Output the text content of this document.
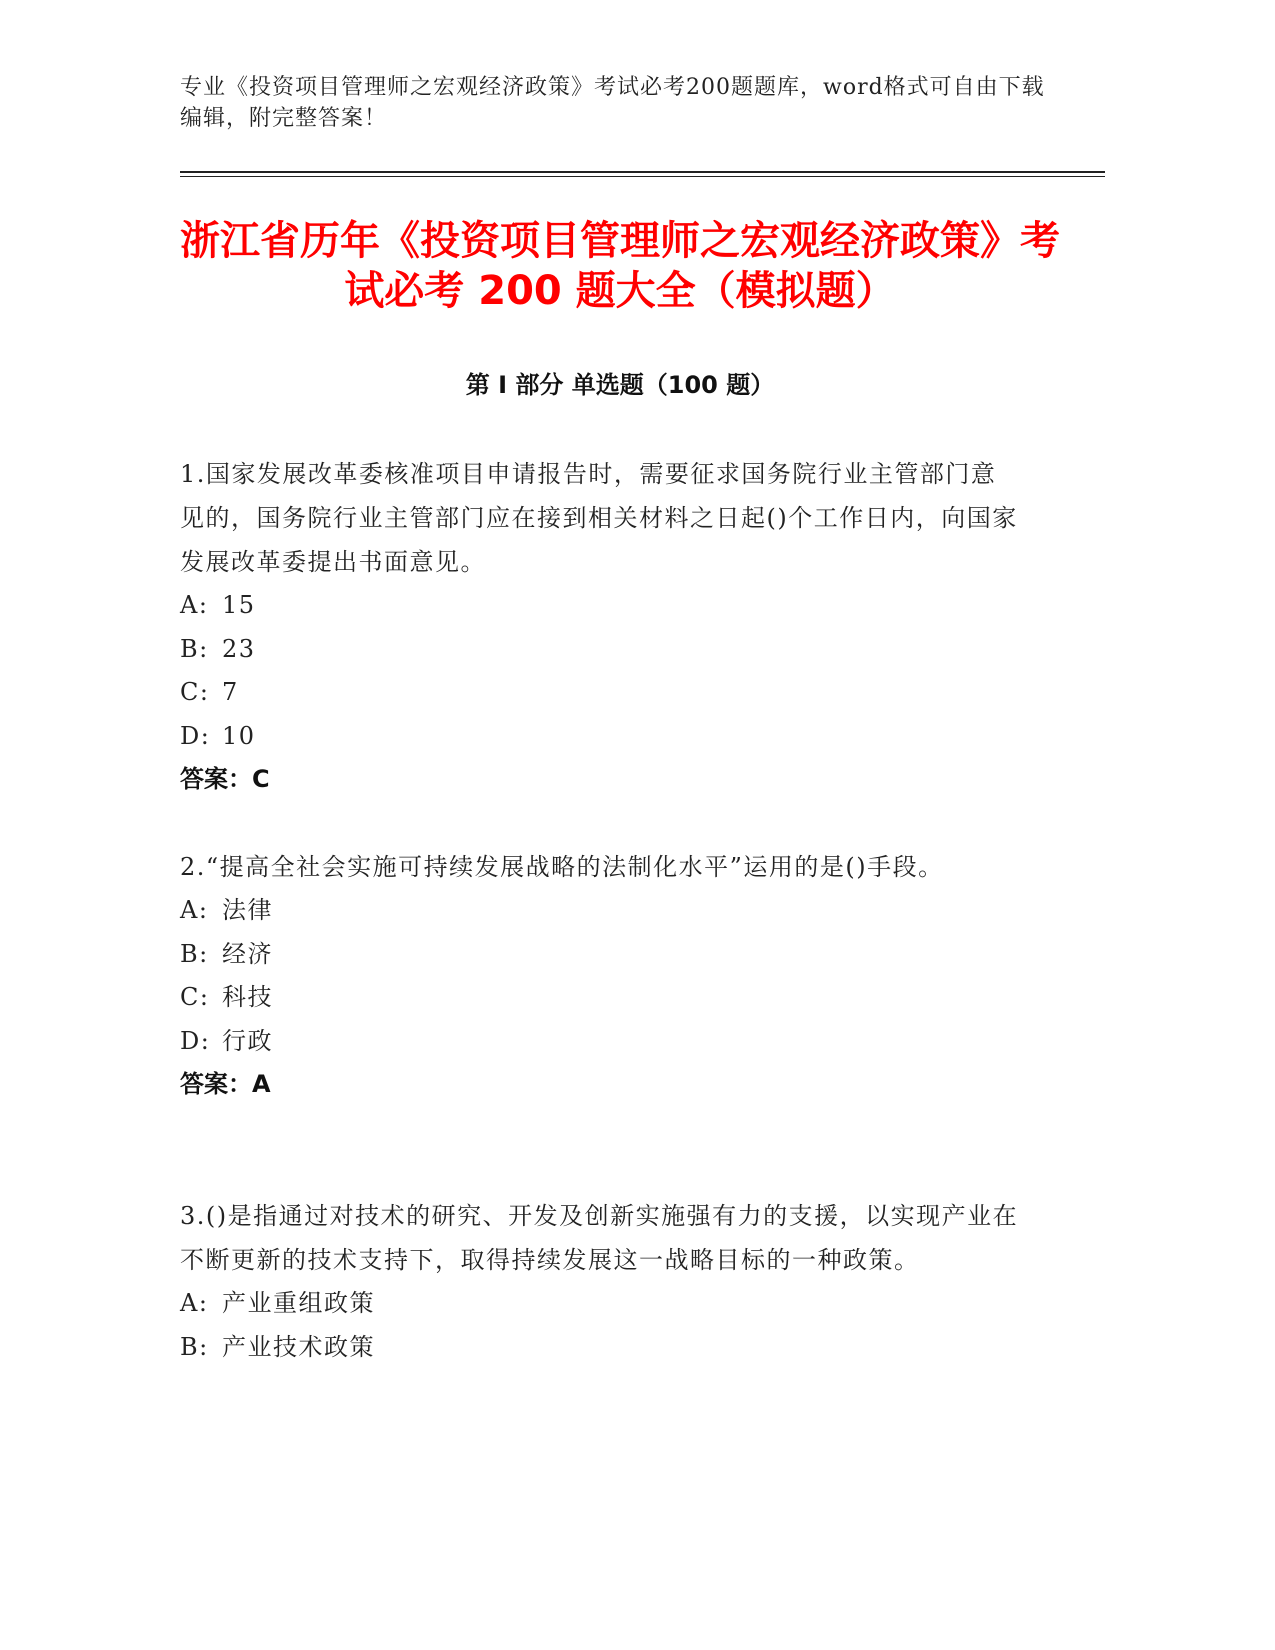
专业《投资项目管理师之宏观经济政策》考试必考200题题库，word格式可自由下载编辑，附完整答案！
浙江省历年《投资项目管理师之宏观经济政策》考试必考 200 题大全（模拟题）
第 I 部分 单选题（100 题）

1.国家发展改革委核准项目申请报告时，需要征求国务院行业主管部门意见的，国务院行业主管部门应在接到相关材料之日起()个工作日内，向国家发展改革委提出书面意见。

A: 15

B: 23

C: 7

D: 10

答案：C

2.“提高全社会实施可持续发展战略的法制化水平”运用的是()手段。

A: 法律

B: 经济

C: 科技

D: 行政

答案：A

3.()是指通过对技术的研究、开发及创新实施强有力的支援，以实现产业在不断更新的技术支持下，取得持续发展这一战略目标的一种政策。

A: 产业重组政策

B: 产业技术政策
